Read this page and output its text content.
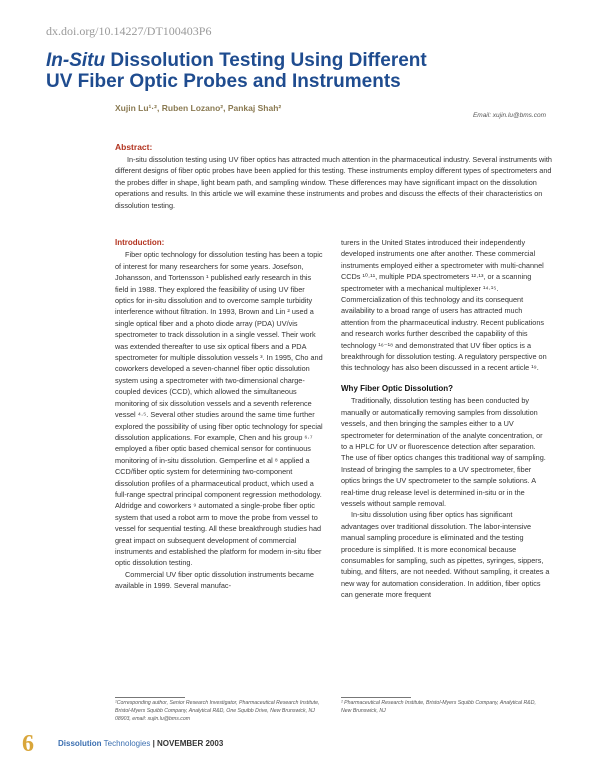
dx.doi.org/10.14227/DT100403P6
In-Situ Dissolution Testing Using Different
UV Fiber Optic Probes and Instruments
Xujin Lu¹·², Ruben Lozano², Pankaj Shah²
Email: xujin.lu@bms.com
Abstract:

In-situ dissolution testing using UV fiber optics has attracted much attention in the pharmaceutical industry. Several instruments with different designs of fiber optic probes have been applied for this testing. These instruments employ different types of spectrometers and the probes differ in shape, light beam path, and sampling window. These differences may have significant impact on the dissolution operations and results. In this article we will examine these instruments and probes and discuss the effects of their characteristics on dissolution testing.

Introduction:

Fiber optic technology for dissolution testing has been a topic of interest for many researchers for some years. Josefson, Johansson, and Tortensson ¹ published early research in this field in 1988. They explored the feasibility of using UV fiber optics for in-situ dissolution and to overcome sample turbidity interference without filtration. In 1993, Brown and Lin ² used a single optical fiber and a photo diode array (PDA) UV/vis spectrometer to track dissolution in a single vessel. Their work was extended thereafter to use six optical fibers and a PDA spectrometer for multiple dissolution vessels ³. In 1995, Cho and coworkers developed a seven-channel fiber optic dissolution system using a spectrometer with two-dimensional charge-coupled devices (CCD), which allowed the simultaneous monitoring of six dissolution vessels and a seventh reference vessel ⁴·⁵. Several other studies around the same time further explored the possibility of using fiber optic technology for special dissolution applications. For example, Chen and his group ⁶·⁷ employed a fiber optic based chemical sensor for continuous monitoring of in-situ dissolution. Gemperline et al ⁸ applied a CCD/fiber optic system for determining two-component dissolution profiles of a pharmaceutical product, which used a full-range spectral principal component regression methodology. Aldridge and coworkers ⁹ automated a single-probe fiber optic system that used a robot arm to move the probe from vessel to vessel for sequential testing. All these breakthrough studies had great impact on subsequent development of commercial instruments and established the platform for modern in-situ fiber optic dissolution testing.

Commercial UV fiber optic dissolution instruments became available in 1999. Several manufac-

turers in the United States introduced their independently developed instruments one after another. These commercial instruments employed either a spectrometer with multi-channel CCDs ¹⁰·¹¹, multiple PDA spectrometers ¹²·¹³, or a scanning spectrometer with a mechanical multiplexer ¹⁴·¹⁵. Commercialization of this technology and its consequent availability to a broad range of users has attracted much attention from the pharmaceutical industry. Recent publications and research works further described the capability of this technology ¹⁶⁻¹⁸ and demonstrated that UV fiber optics is a breakthrough for dissolution testing. A regulatory perspective on this technology has also been discussed in a recent article ¹⁹.

Why Fiber Optic Dissolution?

Traditionally, dissolution testing has been conducted by manually or automatically removing samples from dissolution vessels, and then bringing the samples either to a UV spectrometer for determination of the analyte concentration, or to a HPLC for UV or fluorescence detection after separation. The use of fiber optics changes this traditional way of sampling. Instead of bringing the samples to a UV spectrometer, fiber optics brings the UV spectrometer to the sample solutions. A real-time drug release level is determined in-situ or in the vessels without sample removal.

In-situ dissolution using fiber optics has significant advantages over traditional dissolution. The labor-intensive manual sampling procedure is eliminated and the testing procedure is simplified. It is more economical because consumables for sampling, such as pipettes, syringes, sippers, tubing, and filters, are not needed. Without sampling, it creates a new way for automation consideration. In addition, fiber optics can generate more frequent

¹Corresponding author, Senior Research Investigator, Pharmaceutical Research Institute, Bristol-Myers Squibb Company, Analytical R&D, One Squibb Drive, New Brunswick, NJ 08903, email: xujin.lu@bms.com
² Pharmaceutical Research Institute, Bristol-Myers Squibb Company, Analytical R&D, New Brunswick, NJ
6	Dissolution Technologies | NOVEMBER 2003
